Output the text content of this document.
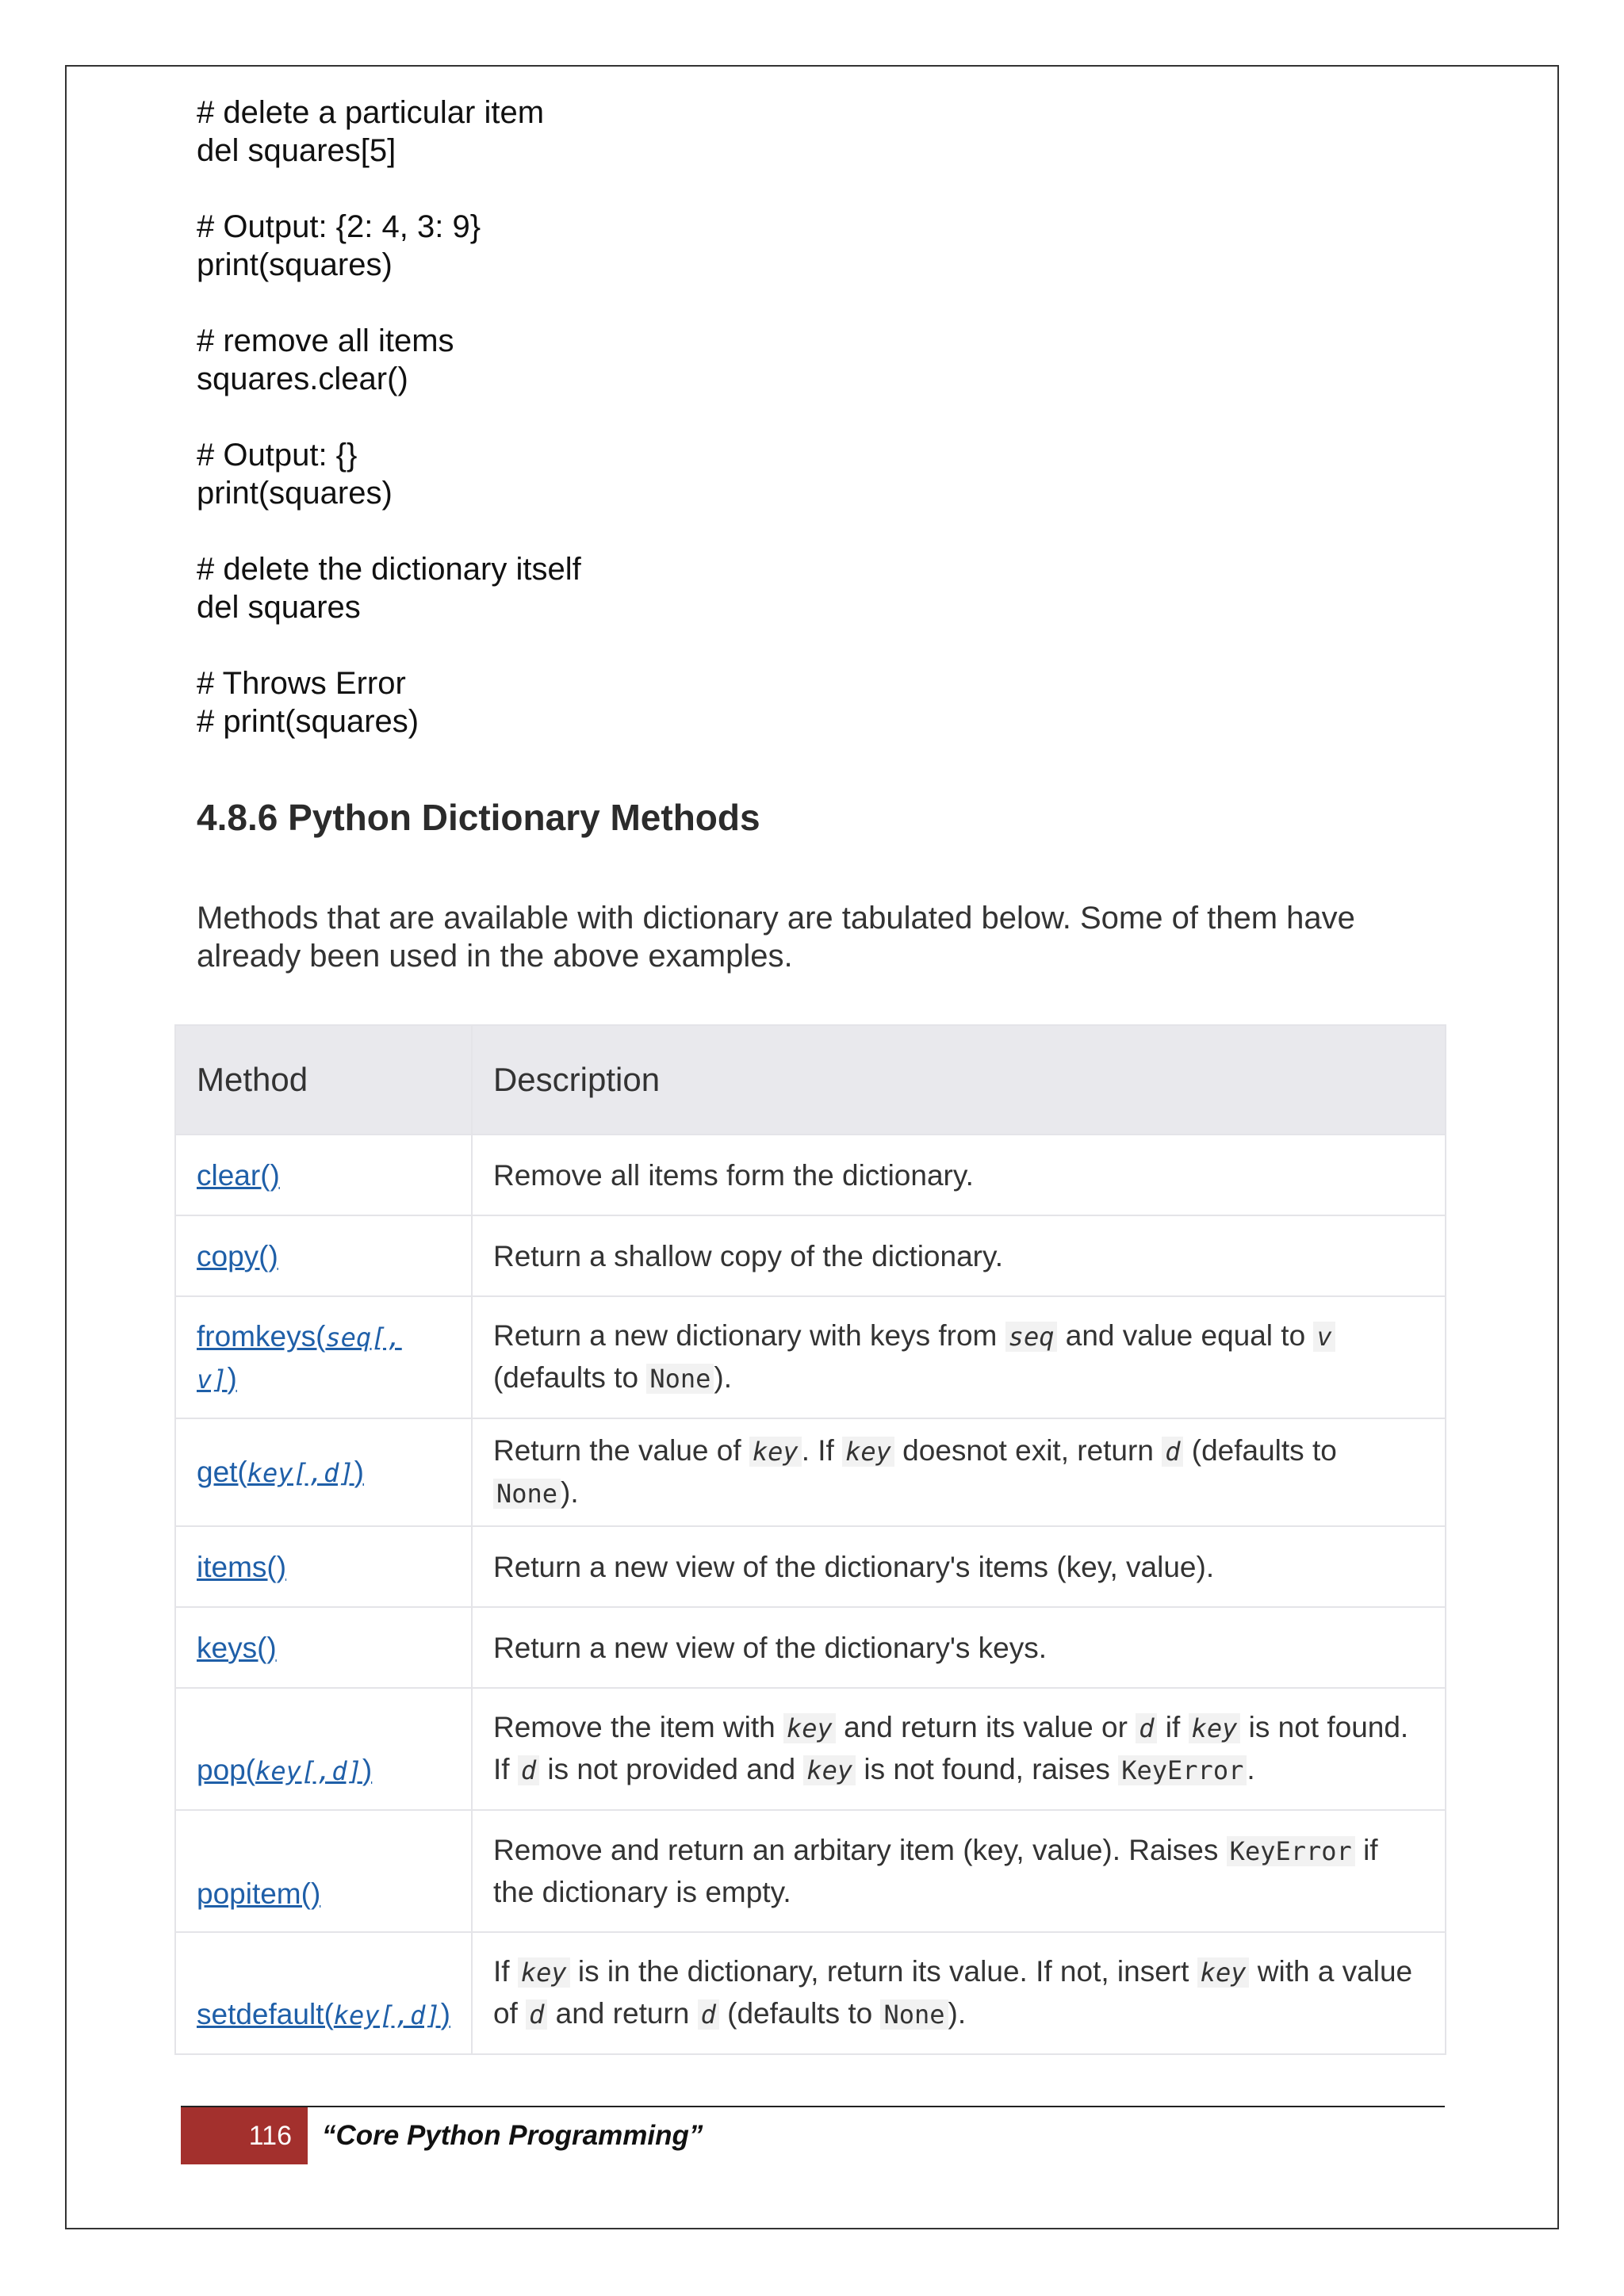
# delete a particular item
del squares[5]
# Output: {2: 4, 3: 9}
print(squares)
# remove all items
squares.clear()
# Output: {}
print(squares)
# delete the dictionary itself
del squares
# Throws Error
# print(squares)
4.8.6 Python Dictionary Methods

Methods that are available with dictionary are tabulated below. Some of them have already been used in the above examples.

Method	Description
clear()	Remove all items form the dictionary.
copy()	Return a shallow copy of the dictionary.
fromkeys(seq[, v])	Return a new dictionary with keys from seq and value equal to v (defaults to None ).
get(key[,d])	Return the value of key . If key doesnot exit, return d (defaults to None ).
items()	Return a new view of the dictionary's items (key, value).
keys()	Return a new view of the dictionary's keys.
pop(key[,d])	Remove the item with key and return its value or d if key is not found. If d is not provided and key is not found, raises KeyError .
popitem()	Remove and return an arbitary item (key, value). Raises KeyError if the dictionary is empty.
setdefault(key[,d])	If key is in the dictionary, return its value. If not, insert key with a value of d and return d (defaults to None ).
116	“Core Python Programming”
